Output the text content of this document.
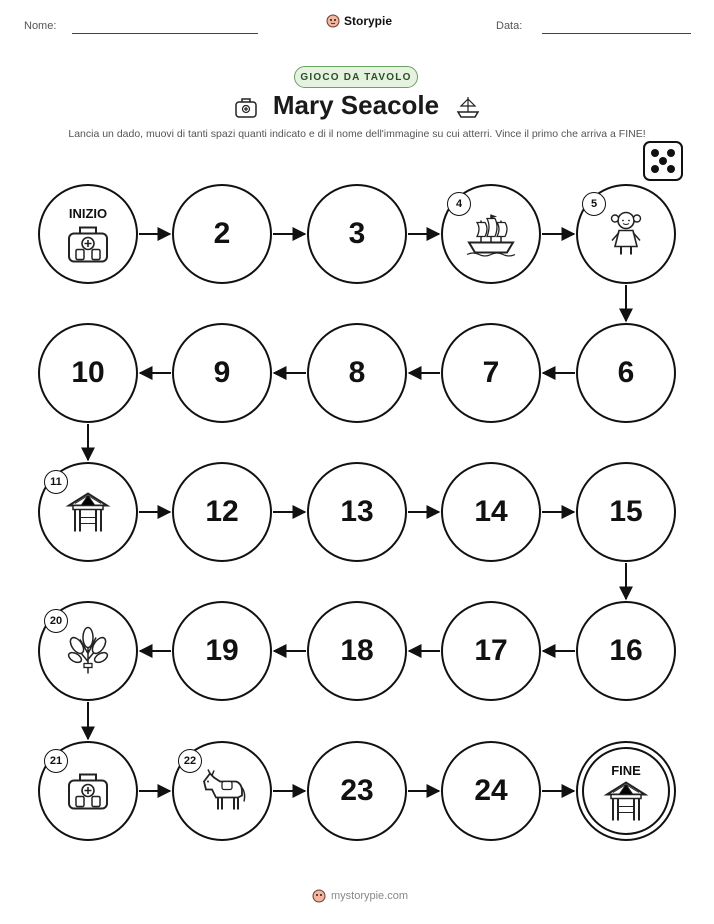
Nome:	Storypie	Data:
GIOCO DA TAVOLO
Mary Seacole
Lancia un dado, muovi di tanti spazi quanti indicato e di il nome dell'immagine su cui atterri. Vince il primo che arriva a FINE!
INIZIO
2	3
4	5
6
7
8
9
10
11
12	13	14	15
16
17
18
19
20
21	22
23	24
FINE
mystorypie.com
